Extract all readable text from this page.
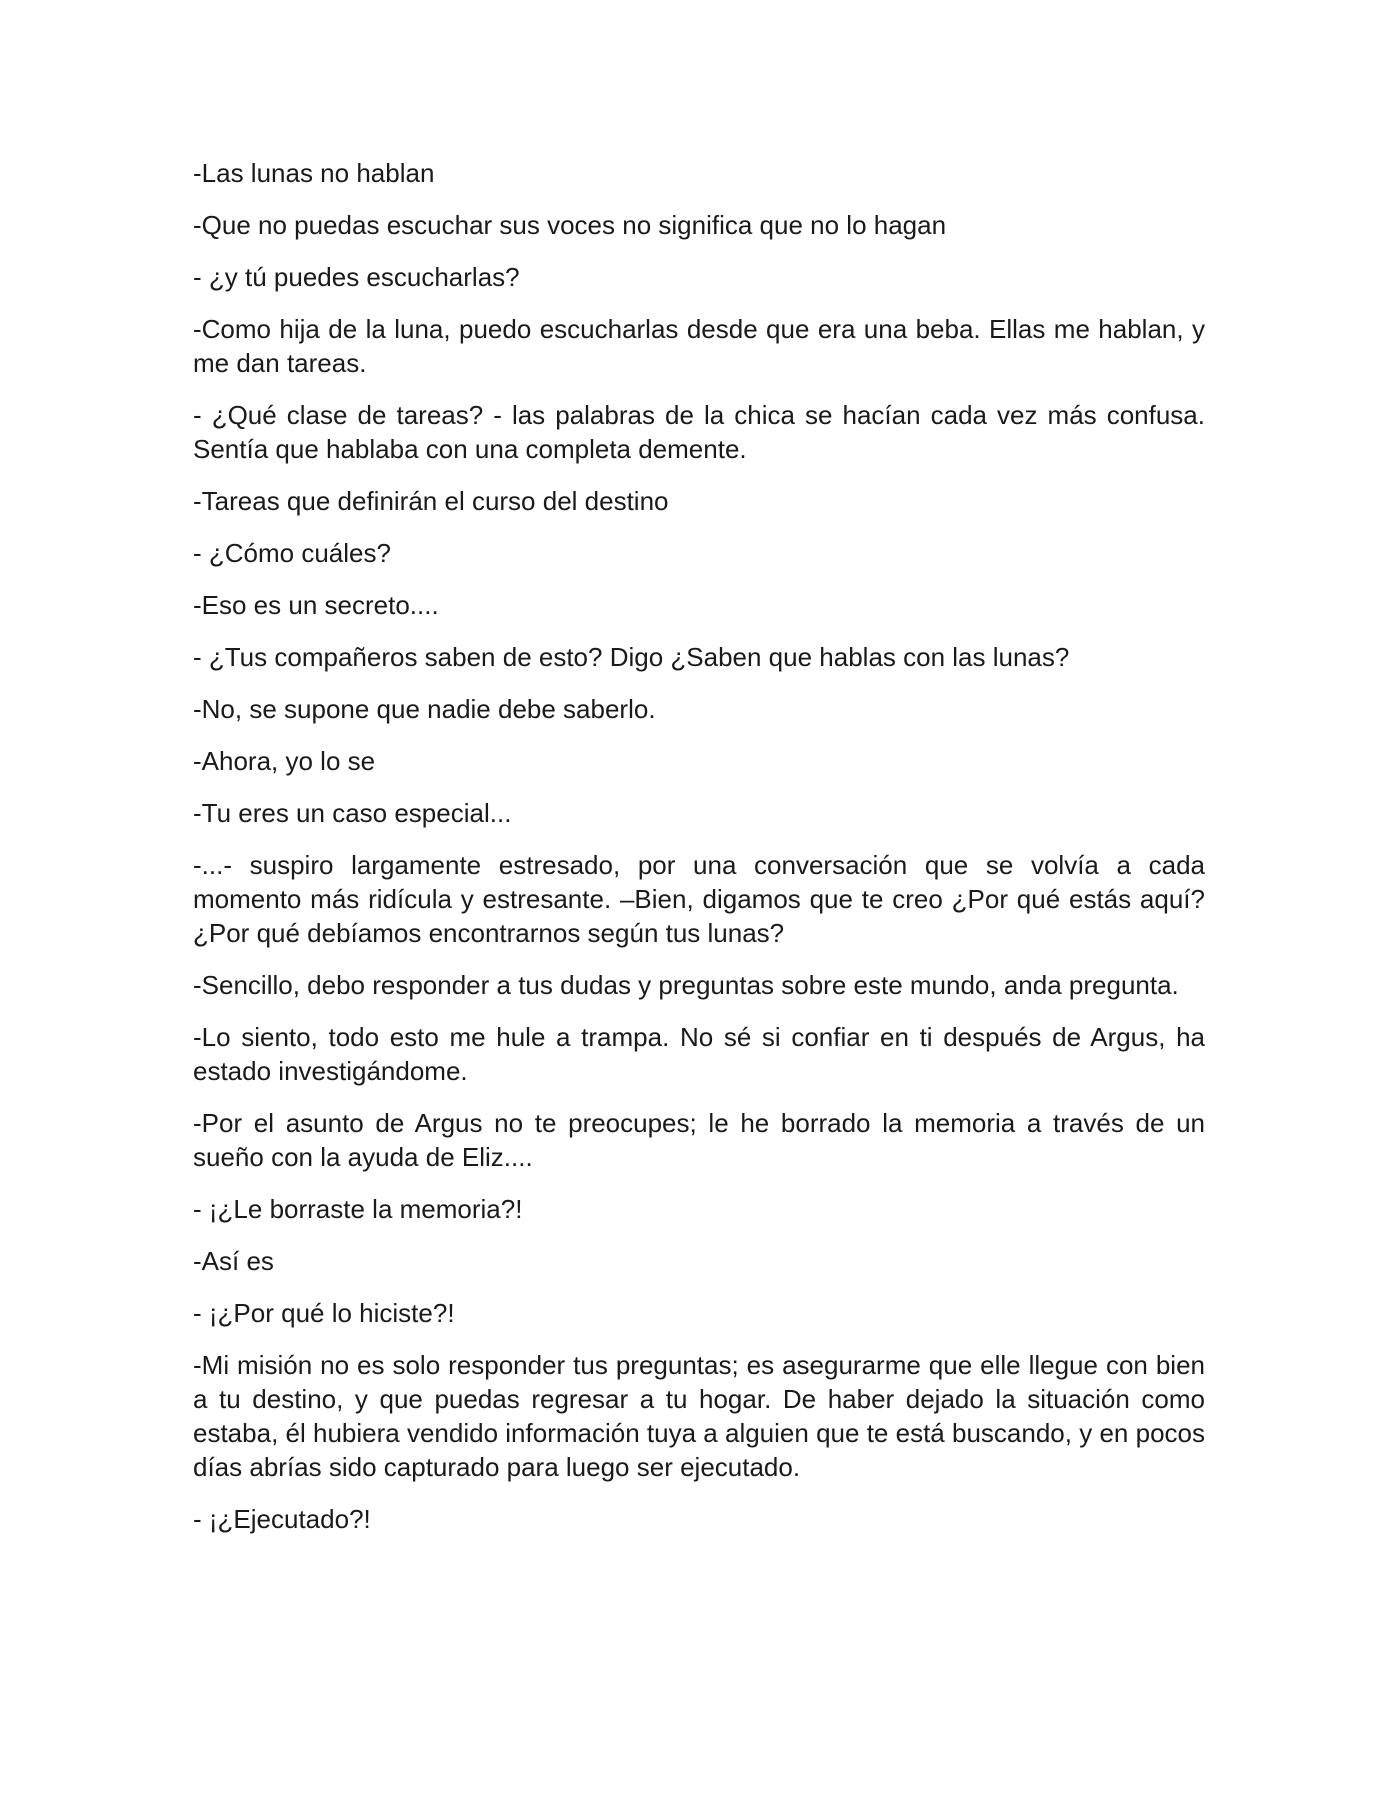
-Las lunas no hablan

-Que no puedas escuchar sus voces no significa que no lo hagan

- ¿y tú puedes escucharlas?

-Como hija de la luna, puedo escucharlas desde que era una beba. Ellas me hablan, y me dan tareas.

- ¿Qué clase de tareas? - las palabras de la chica se hacían cada vez más confusa. Sentía que hablaba con una completa demente.

-Tareas que definirán el curso del destino

- ¿Cómo cuáles?

-Eso es un secreto....

- ¿Tus compañeros saben de esto? Digo ¿Saben que hablas con las lunas?

-No, se supone que nadie debe saberlo.

-Ahora, yo lo se

-Tu eres un caso especial...

-...- suspiro largamente estresado, por una conversación que se volvía a cada momento más ridícula y estresante. –Bien, digamos que te creo ¿Por qué estás aquí? ¿Por qué debíamos encontrarnos según tus lunas?

-Sencillo, debo responder a tus dudas y preguntas sobre este mundo, anda pregunta.

-Lo siento, todo esto me hule a trampa. No sé si confiar en ti después de Argus, ha estado investigándome.

-Por el asunto de Argus no te preocupes; le he borrado la memoria a través de un sueño con la ayuda de Eliz....

- ¡¿Le borraste la memoria?!

-Así es

- ¡¿Por qué lo hiciste?!

-Mi misión no es solo responder tus preguntas; es asegurarme que elle llegue con bien a tu destino, y que puedas regresar a tu hogar. De haber dejado la situación como estaba, él hubiera vendido información tuya a alguien que te está buscando, y en pocos días abrías sido capturado para luego ser ejecutado.

- ¡¿Ejecutado?!
